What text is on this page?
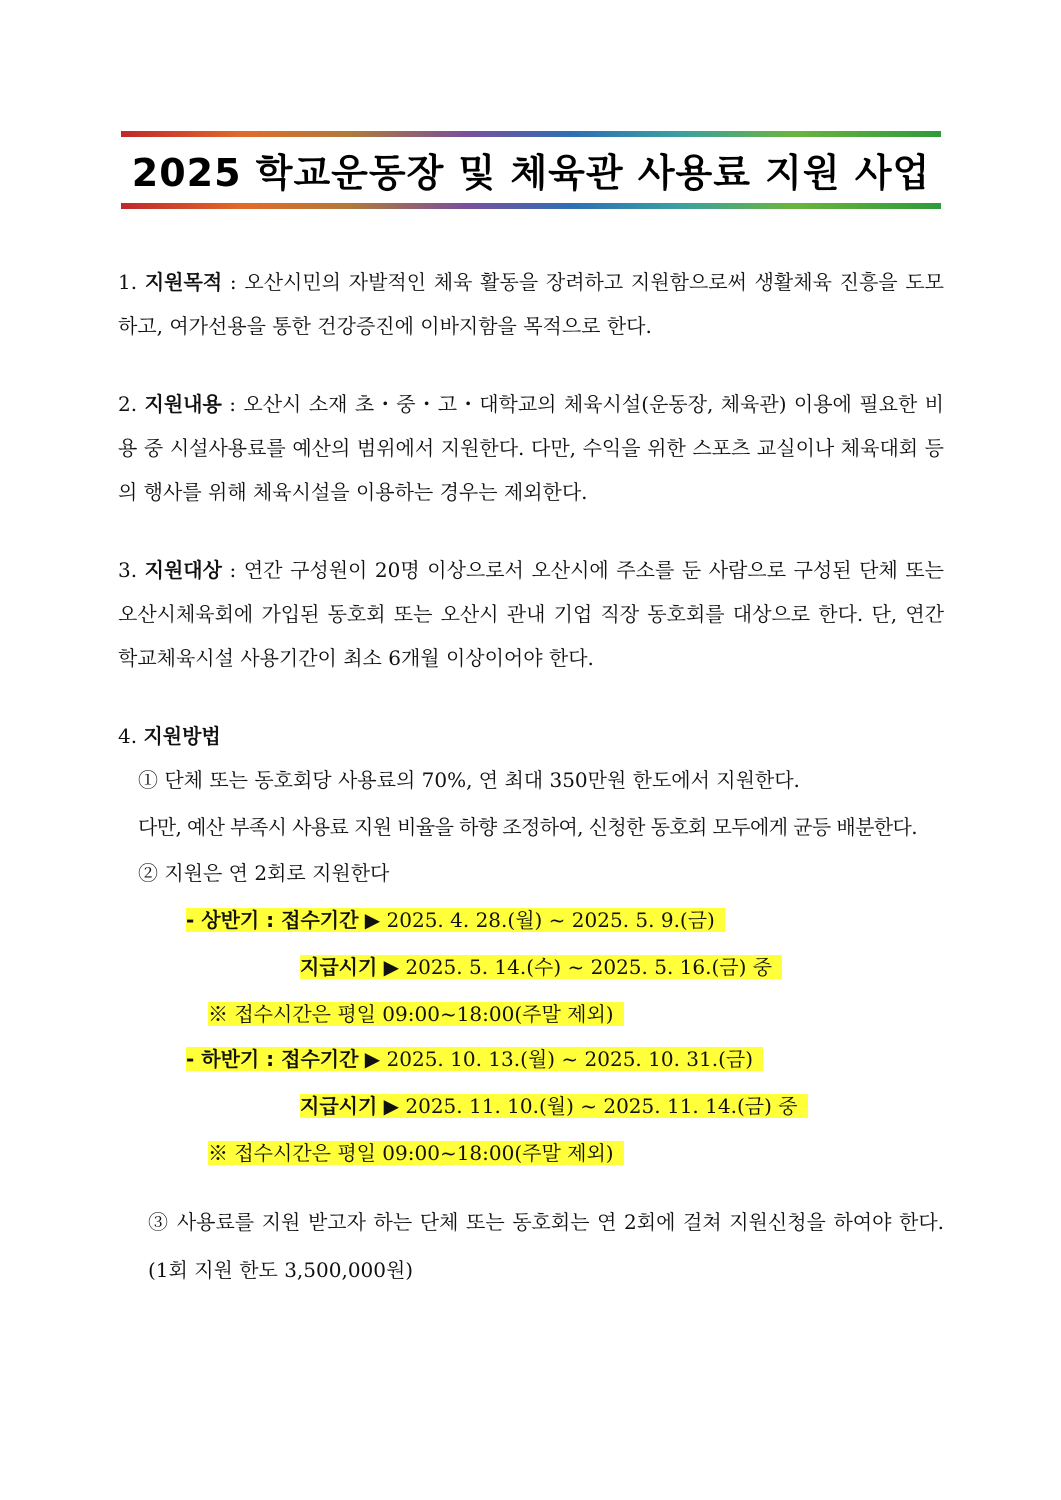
2025 학교운동장 및 체육관 사용료 지원 사업

1. 지원목적 : 오산시민의 자발적인 체육 활동을 장려하고 지원함으로써 생활체육 진흥을 도모하고, 여가선용을 통한 건강증진에 이바지함을 목적으로 한다.

2. 지원내용 : 오산시 소재 초・중・고・대학교의 체육시설(운동장, 체육관) 이용에 필요한 비용 중 시설사용료를 예산의 범위에서 지원한다. 다만, 수익을 위한 스포츠 교실이나 체육대회 등의 행사를 위해 체육시설을 이용하는 경우는 제외한다.

3. 지원대상 : 연간 구성원이 20명 이상으로서 오산시에 주소를 둔 사람으로 구성된 단체 또는 오산시체육회에 가입된 동호회 또는 오산시 관내 기업 직장 동호회를 대상으로 한다. 단, 연간 학교체육시설 사용기간이 최소 6개월 이상이어야 한다.

4. 지원방법
① 단체 또는 동호회당 사용료의 70%, 연 최대 350만원 한도에서 지원한다.
다만, 예산 부족시 사용료 지원 비율을 하향 조정하여, 신청한 동호회 모두에게 균등 배분한다.
② 지원은 연 2회로 지원한다
- 상반기 : 접수기간 ▶ 2025. 4. 28.(월) ~ 2025. 5. 9.(금)
지급시기 ▶ 2025. 5. 14.(수) ~ 2025. 5. 16.(금) 중
※ 접수시간은 평일 09:00~18:00(주말 제외)
- 하반기 : 접수기간 ▶ 2025. 10. 13.(월) ~ 2025. 10. 31.(금)
지급시기 ▶ 2025. 11. 10.(월) ~ 2025. 11. 14.(금) 중
※ 접수시간은 평일 09:00~18:00(주말 제외)

③ 사용료를 지원 받고자 하는 단체 또는 동호회는 연 2회에 걸쳐 지원신청을 하여야 한다.(1회 지원 한도 3,500,000원)
